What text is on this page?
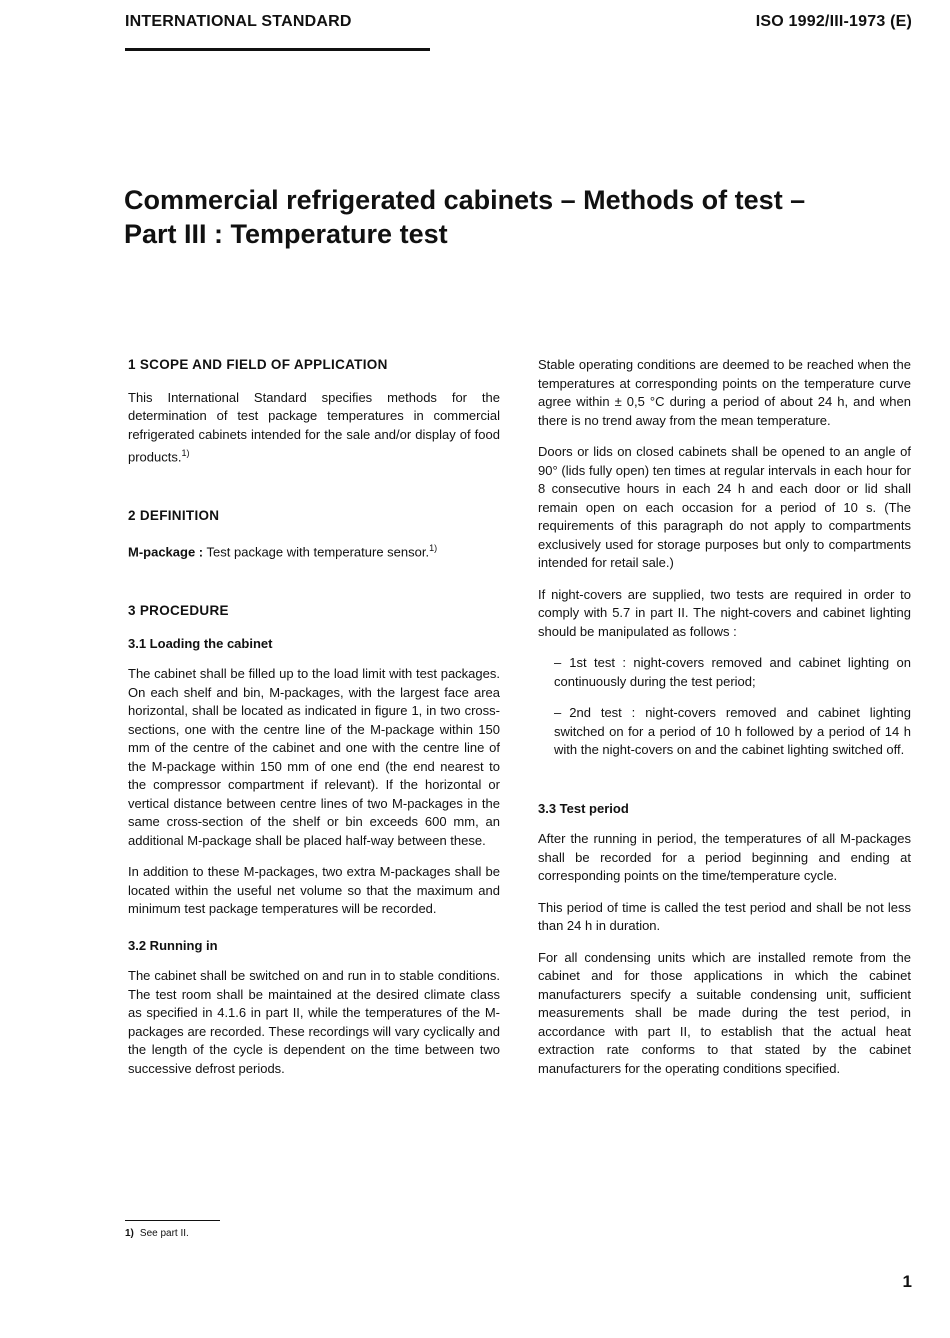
INTERNATIONAL STANDARD	ISO 1992/III-1973 (E)
Commercial refrigerated cabinets – Methods of test –
Part III : Temperature test
1 SCOPE AND FIELD OF APPLICATION

This International Standard specifies methods for the determination of test package temperatures in commercial refrigerated cabinets intended for the sale and/or display of food products.$^{1)}$

2 DEFINITION

M-package : Test package with temperature sensor.$^{1)}$

3 PROCEDURE
3.1 Loading the cabinet

The cabinet shall be filled up to the load limit with test packages. On each shelf and bin, M-packages, with the largest face area horizontal, shall be located as indicated in figure 1, in two cross-sections, one with the centre line of the M-package within 150 mm of the centre of the cabinet and one with the centre line of the M-package within 150 mm of one end (the end nearest to the compressor compartment if relevant). If the horizontal or vertical distance between centre lines of two M-packages in the same cross-section of the shelf or bin exceeds 600 mm, an additional M-package shall be placed half-way between these.

In addition to these M-packages, two extra M-packages shall be located within the useful net volume so that the maximum and minimum test package temperatures will be recorded.

3.2 Running in

The cabinet shall be switched on and run in to stable conditions. The test room shall be maintained at the desired climate class as specified in 4.1.6 in part II, while the temperatures of the M-packages are recorded. These recordings will vary cyclically and the length of the cycle is dependent on the time between two successive defrost periods.

Stable operating conditions are deemed to be reached when the temperatures at corresponding points on the temperature curve agree within ± 0,5 °C during a period of about 24 h, and when there is no trend away from the mean temperature.

Doors or lids on closed cabinets shall be opened to an angle of 90° (lids fully open) ten times at regular intervals in each hour for 8 consecutive hours in each 24 h and each door or lid shall remain open on each occasion for a period of 10 s. (The requirements of this paragraph do not apply to compartments exclusively used for storage purposes but only to compartments intended for retail sale.)

If night-covers are supplied, two tests are required in order to comply with 5.7 in part II. The night-covers and cabinet lighting should be manipulated as follows :

– 1st test : night-covers removed and cabinet lighting on continuously during the test period;

– 2nd test : night-covers removed and cabinet lighting switched on for a period of 10 h followed by a period of 14 h with the night-covers on and the cabinet lighting switched off.

3.3 Test period

After the running in period, the temperatures of all M-packages shall be recorded for a period beginning and ending at corresponding points on the time/temperature cycle.

This period of time is called the test period and shall be not less than 24 h in duration.

For all condensing units which are installed remote from the cabinet and for those applications in which the cabinet manufacturers specify a suitable condensing unit, sufficient measurements shall be made during the test period, in accordance with part II, to establish that the actual heat extraction rate conforms to that stated by the cabinet manufacturers for the operating conditions specified.

1) See part II.
1
